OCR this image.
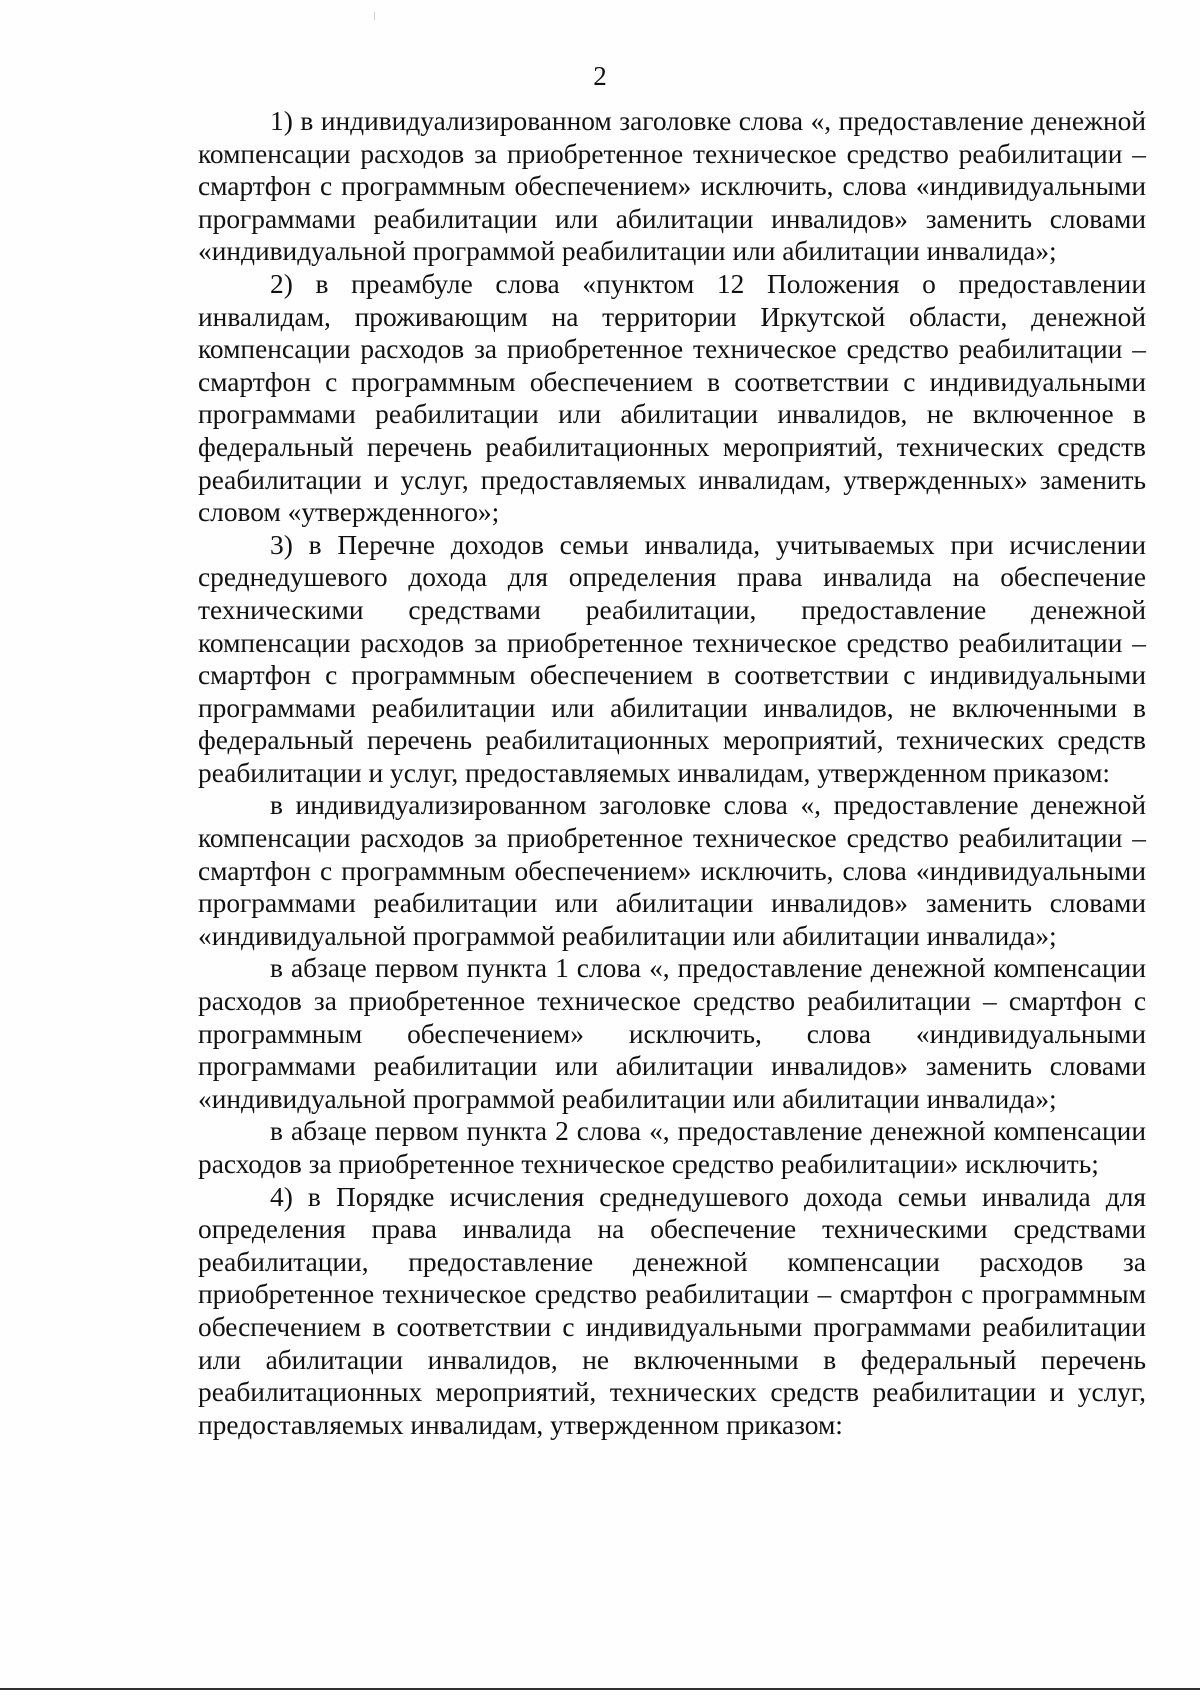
2

1) в индивидуализированном заголовке слова «, предоставление денежной компенсации расходов за приобретенное техническое средство реабилитации – смартфон с программным обеспечением» исключить, слова «индивидуальными программами реабилитации или абилитации инвалидов» заменить словами «индивидуальной программой реабилитации или абилитации инвалида»;

2) в преамбуле слова «пунктом 12 Положения о предоставлении инвалидам, проживающим на территории Иркутской области, денежной компенсации расходов за приобретенное техническое средство реабилитации – смартфон с программным обеспечением в соответствии с индивидуальными программами реабилитации или абилитации инвалидов, не включенное в федеральный перечень реабилитационных мероприятий, технических средств реабилитации и услуг, предоставляемых инвалидам, утвержденных» заменить словом «утвержденного»;

3) в Перечне доходов семьи инвалида, учитываемых при исчислении среднедушевого дохода для определения права инвалида на обеспечение техническими средствами реабилитации, предоставление денежной компенсации расходов за приобретенное техническое средство реабилитации – смартфон с программным обеспечением в соответствии с индивидуальными программами реабилитации или абилитации инвалидов, не включенными в федеральный перечень реабилитационных мероприятий, технических средств реабилитации и услуг, предоставляемых инвалидам, утвержденном приказом:

в индивидуализированном заголовке слова «, предоставление денежной компенсации расходов за приобретенное техническое средство реабилитации – смартфон с программным обеспечением» исключить, слова «индивидуальными программами реабилитации или абилитации инвалидов» заменить словами «индивидуальной программой реабилитации или абилитации инвалида»;

в абзаце первом пункта 1 слова «, предоставление денежной компенсации расходов за приобретенное техническое средство реабилитации – смартфон с программным обеспечением» исключить, слова «индивидуальными программами реабилитации или абилитации инвалидов» заменить словами «индивидуальной программой реабилитации или абилитации инвалида»;

в абзаце первом пункта 2 слова «, предоставление денежной компенсации расходов за приобретенное техническое средство реабилитации» исключить;

4) в Порядке исчисления среднедушевого дохода семьи инвалида для определения права инвалида на обеспечение техническими средствами реабилитации, предоставление денежной компенсации расходов за приобретенное техническое средство реабилитации – смартфон с программным обеспечением в соответствии с индивидуальными программами реабилитации или абилитации инвалидов, не включенными в федеральный перечень реабилитационных мероприятий, технических средств реабилитации и услуг, предоставляемых инвалидам, утвержденном приказом:
